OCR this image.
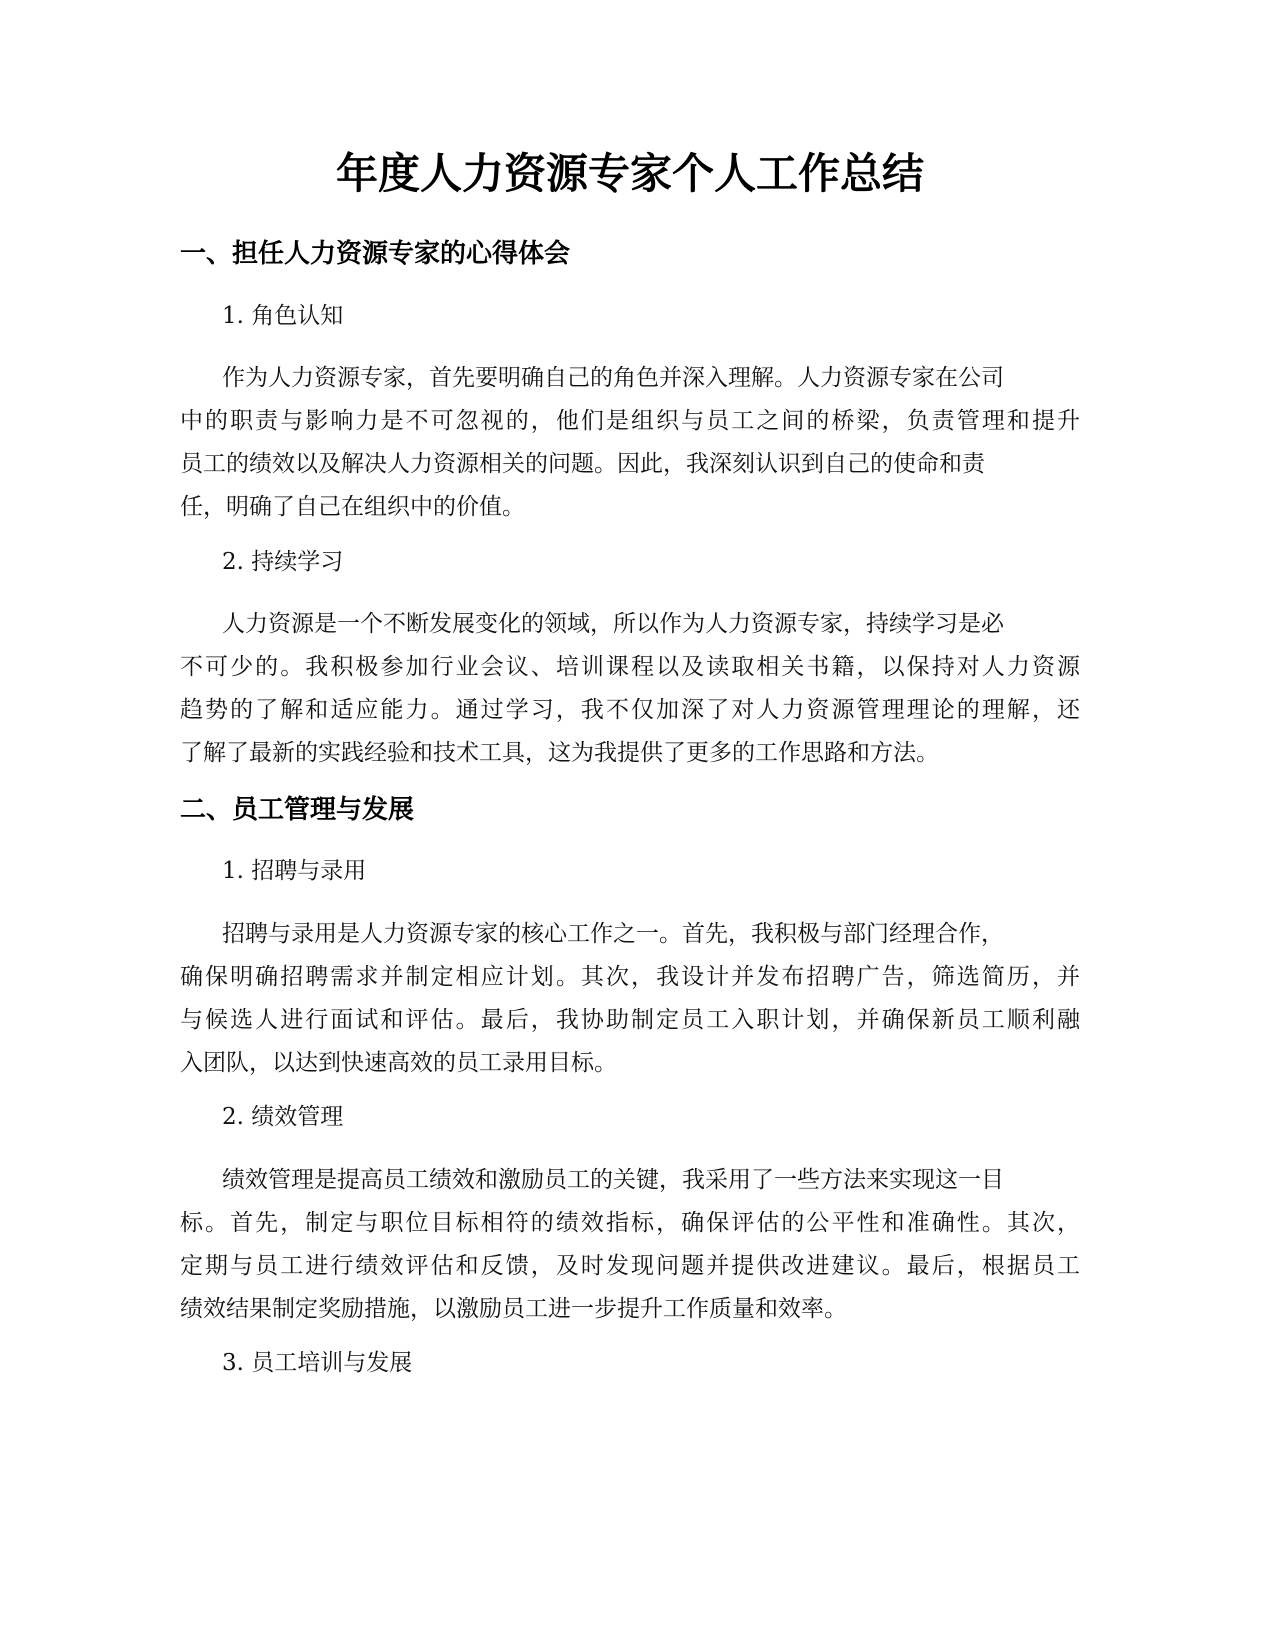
年度人力资源专家个人工作总结
一、担任人力资源专家的心得体会
1. 角色认知
作为人力资源专家，首先要明确自己的角色并深入理解。人力资源专家在公司
中的职责与影响力是不可忽视的，他们是组织与员工之间的桥梁，负责管理和提升
员工的绩效以及解决人力资源相关的问题。因此，我深刻认识到自己的使命和责
任，明确了自己在组织中的价值。
2. 持续学习
人力资源是一个不断发展变化的领域，所以作为人力资源专家，持续学习是必
不可少的。我积极参加行业会议、培训课程以及读取相关书籍，以保持对人力资源
趋势的了解和适应能力。通过学习，我不仅加深了对人力资源管理理论的理解，还
了解了最新的实践经验和技术工具，这为我提供了更多的工作思路和方法。
二、员工管理与发展
1. 招聘与录用
招聘与录用是人力资源专家的核心工作之一。首先，我积极与部门经理合作，
确保明确招聘需求并制定相应计划。其次，我设计并发布招聘广告，筛选简历，并
与候选人进行面试和评估。最后，我协助制定员工入职计划，并确保新员工顺利融
入团队，以达到快速高效的员工录用目标。
2. 绩效管理
绩效管理是提高员工绩效和激励员工的关键，我采用了一些方法来实现这一目
标。首先，制定与职位目标相符的绩效指标，确保评估的公平性和准确性。其次，
定期与员工进行绩效评估和反馈，及时发现问题并提供改进建议。最后，根据员工
绩效结果制定奖励措施，以激励员工进一步提升工作质量和效率。
3. 员工培训与发展
